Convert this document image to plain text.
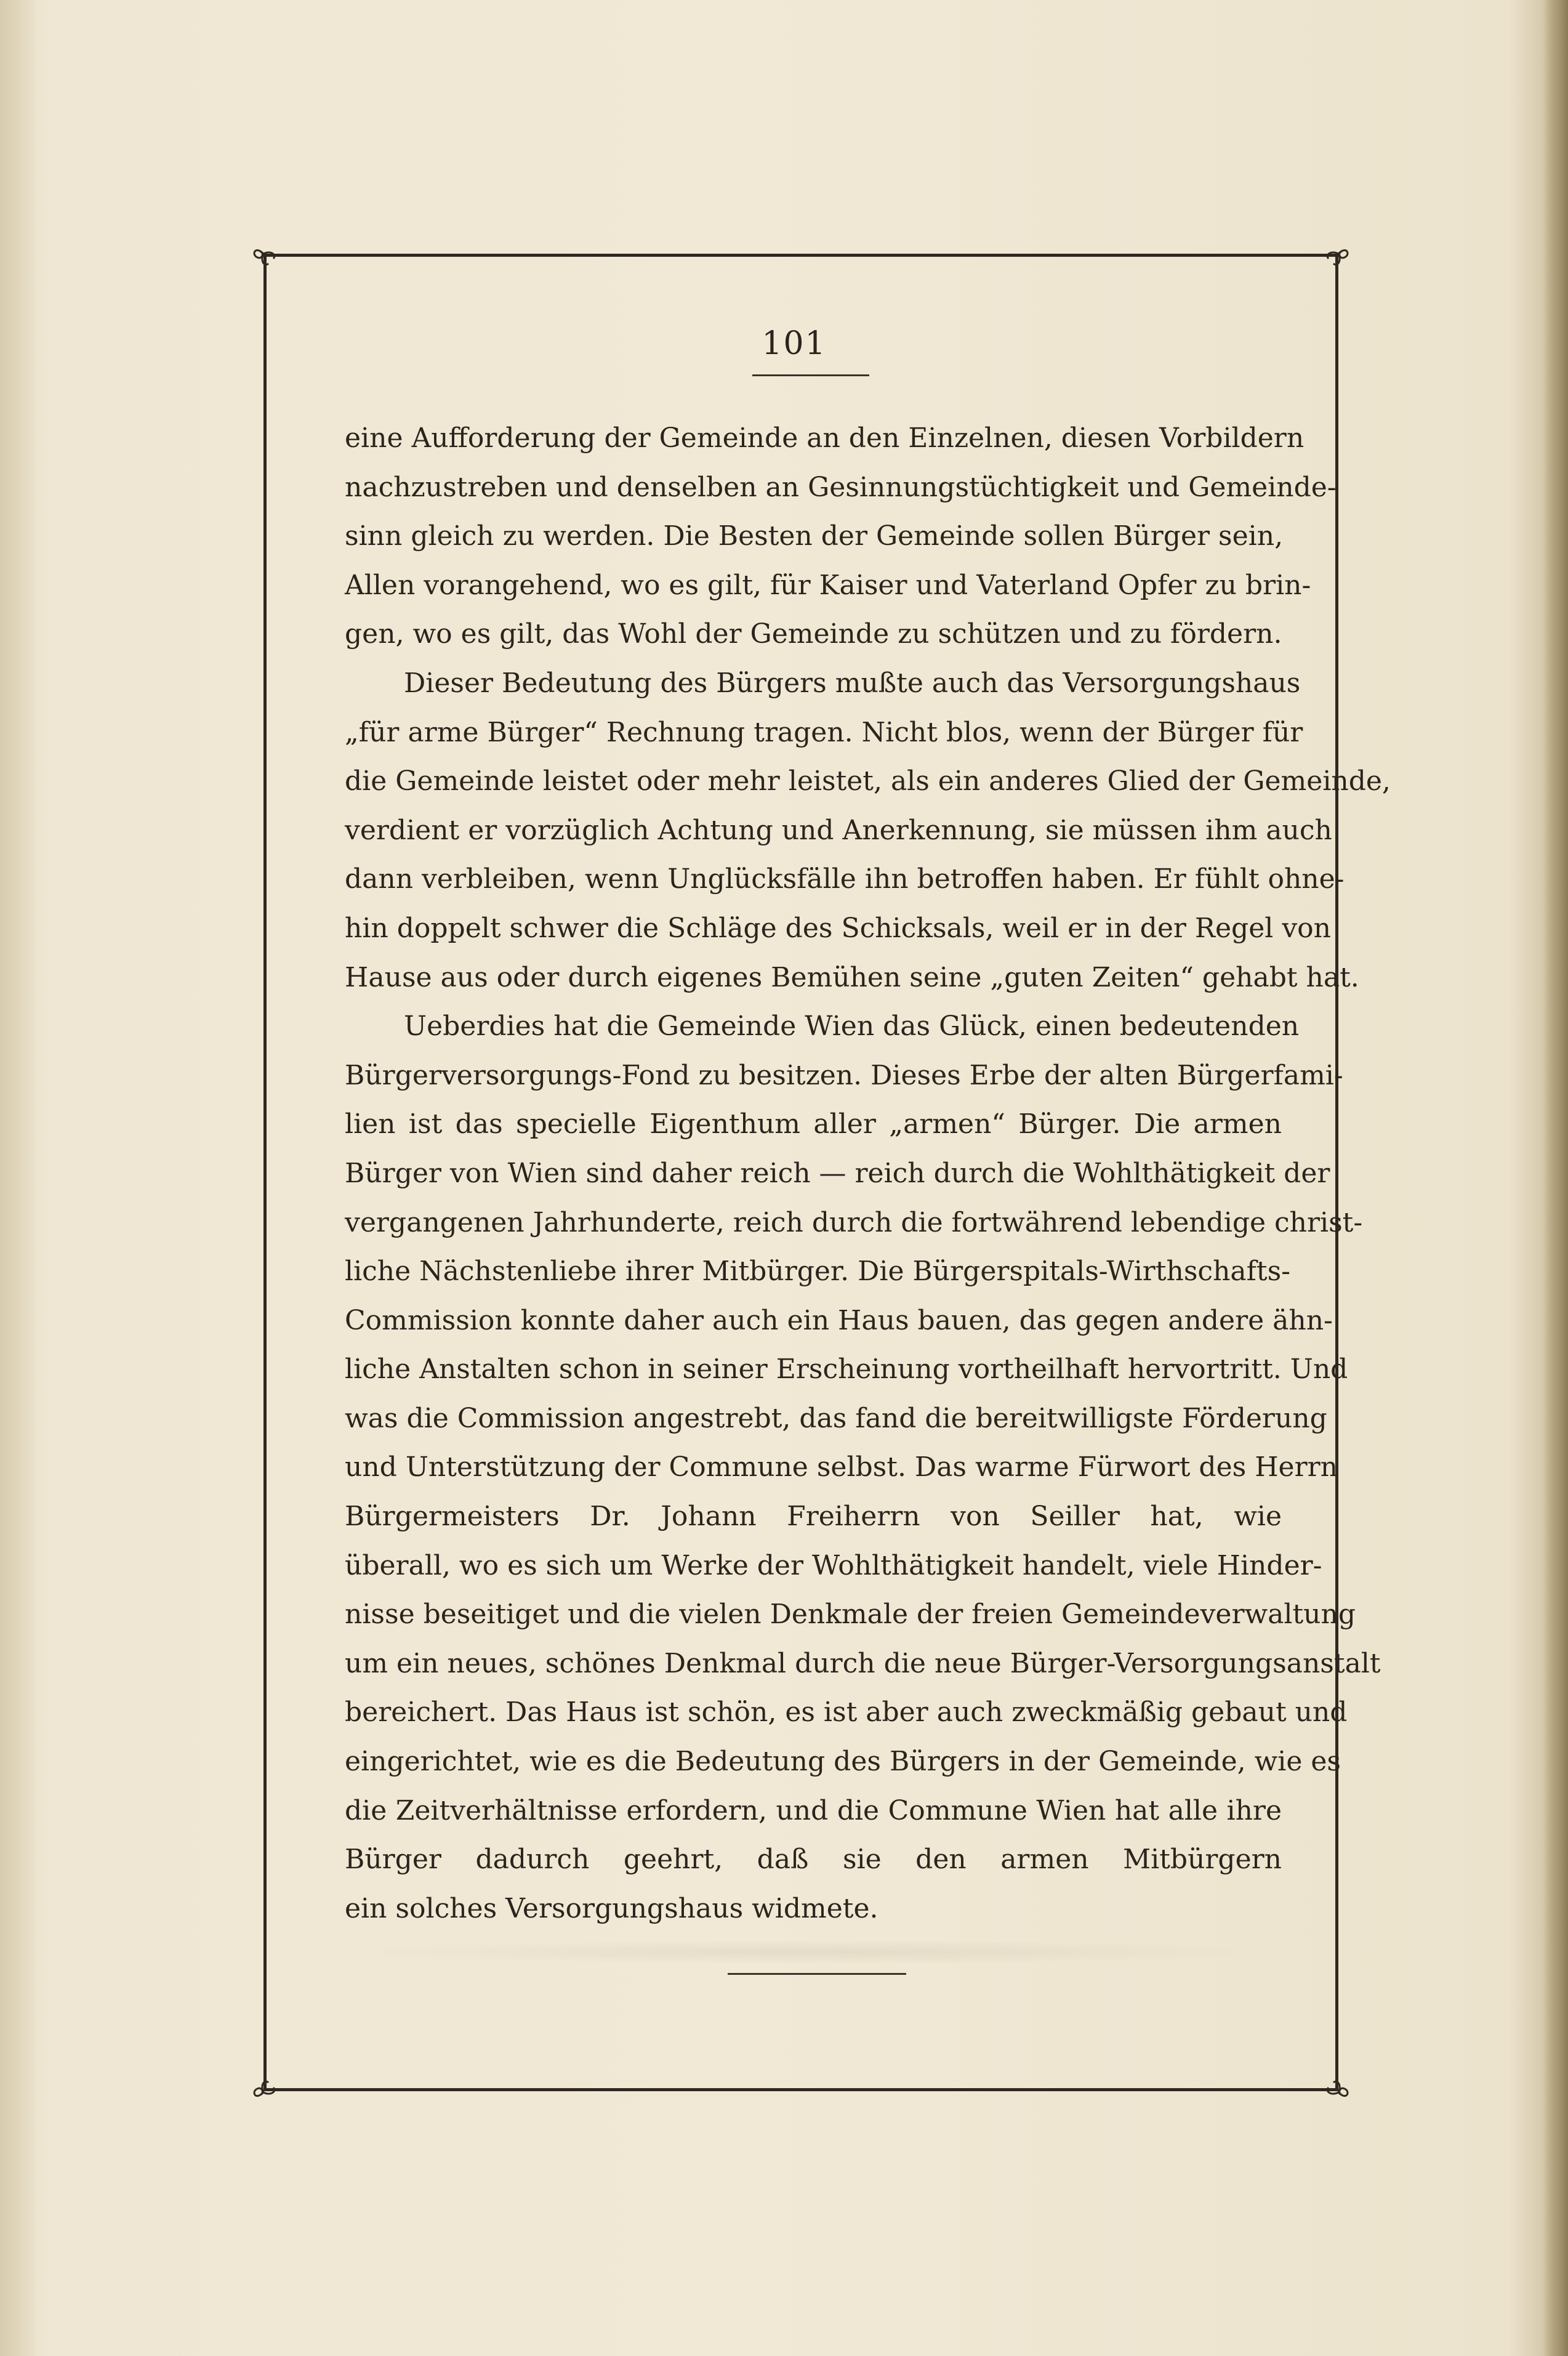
101
eine Aufforderung der Gemeinde an den Einzelnen, diesen Vorbildern
nachzustreben und denselben an Gesinnungstüchtigkeit und Gemeinde-
sinn gleich zu werden. Die Besten der Gemeinde sollen Bürger sein,
Allen vorangehend, wo es gilt, für Kaiser und Vaterland Opfer zu brin-
gen, wo es gilt, das Wohl der Gemeinde zu schützen und zu fördern.
Dieser Bedeutung des Bürgers mußte auch das Versorgungshaus
„für arme Bürger“ Rechnung tragen. Nicht blos, wenn der Bürger für
die Gemeinde leistet oder mehr leistet, als ein anderes Glied der Gemeinde,
verdient er vorzüglich Achtung und Anerkennung, sie müssen ihm auch
dann verbleiben, wenn Unglücksfälle ihn betroffen haben. Er fühlt ohne-
hin doppelt schwer die Schläge des Schicksals, weil er in der Regel von
Hause aus oder durch eigenes Bemühen seine „guten Zeiten“ gehabt hat.
Ueberdies hat die Gemeinde Wien das Glück, einen bedeutenden
Bürgerversorgungs-Fond zu besitzen. Dieses Erbe der alten Bürgerfami-
lien ist das specielle Eigenthum aller „armen“ Bürger. Die armen
Bürger von Wien sind daher reich — reich durch die Wohlthätigkeit der
vergangenen Jahrhunderte, reich durch die fortwährend lebendige christ-
liche Nächstenliebe ihrer Mitbürger. Die Bürgerspitals-Wirthschafts-
Commission konnte daher auch ein Haus bauen, das gegen andere ähn-
liche Anstalten schon in seiner Erscheinung vortheilhaft hervortritt. Und
was die Commission angestrebt, das fand die bereitwilligste Förderung
und Unterstützung der Commune selbst. Das warme Fürwort des Herrn
Bürgermeisters Dr. Johann Freiherrn von Seiller hat, wie
überall, wo es sich um Werke der Wohlthätigkeit handelt, viele Hinder-
nisse beseitiget und die vielen Denkmale der freien Gemeindeverwaltung
um ein neues, schönes Denkmal durch die neue Bürger-Versorgungsanstalt
bereichert. Das Haus ist schön, es ist aber auch zweckmäßig gebaut und
eingerichtet, wie es die Bedeutung des Bürgers in der Gemeinde, wie es
die Zeitverhältnisse erfordern, und die Commune Wien hat alle ihre
Bürger dadurch geehrt, daß sie den armen Mitbürgern
ein solches Versorgungshaus widmete.
